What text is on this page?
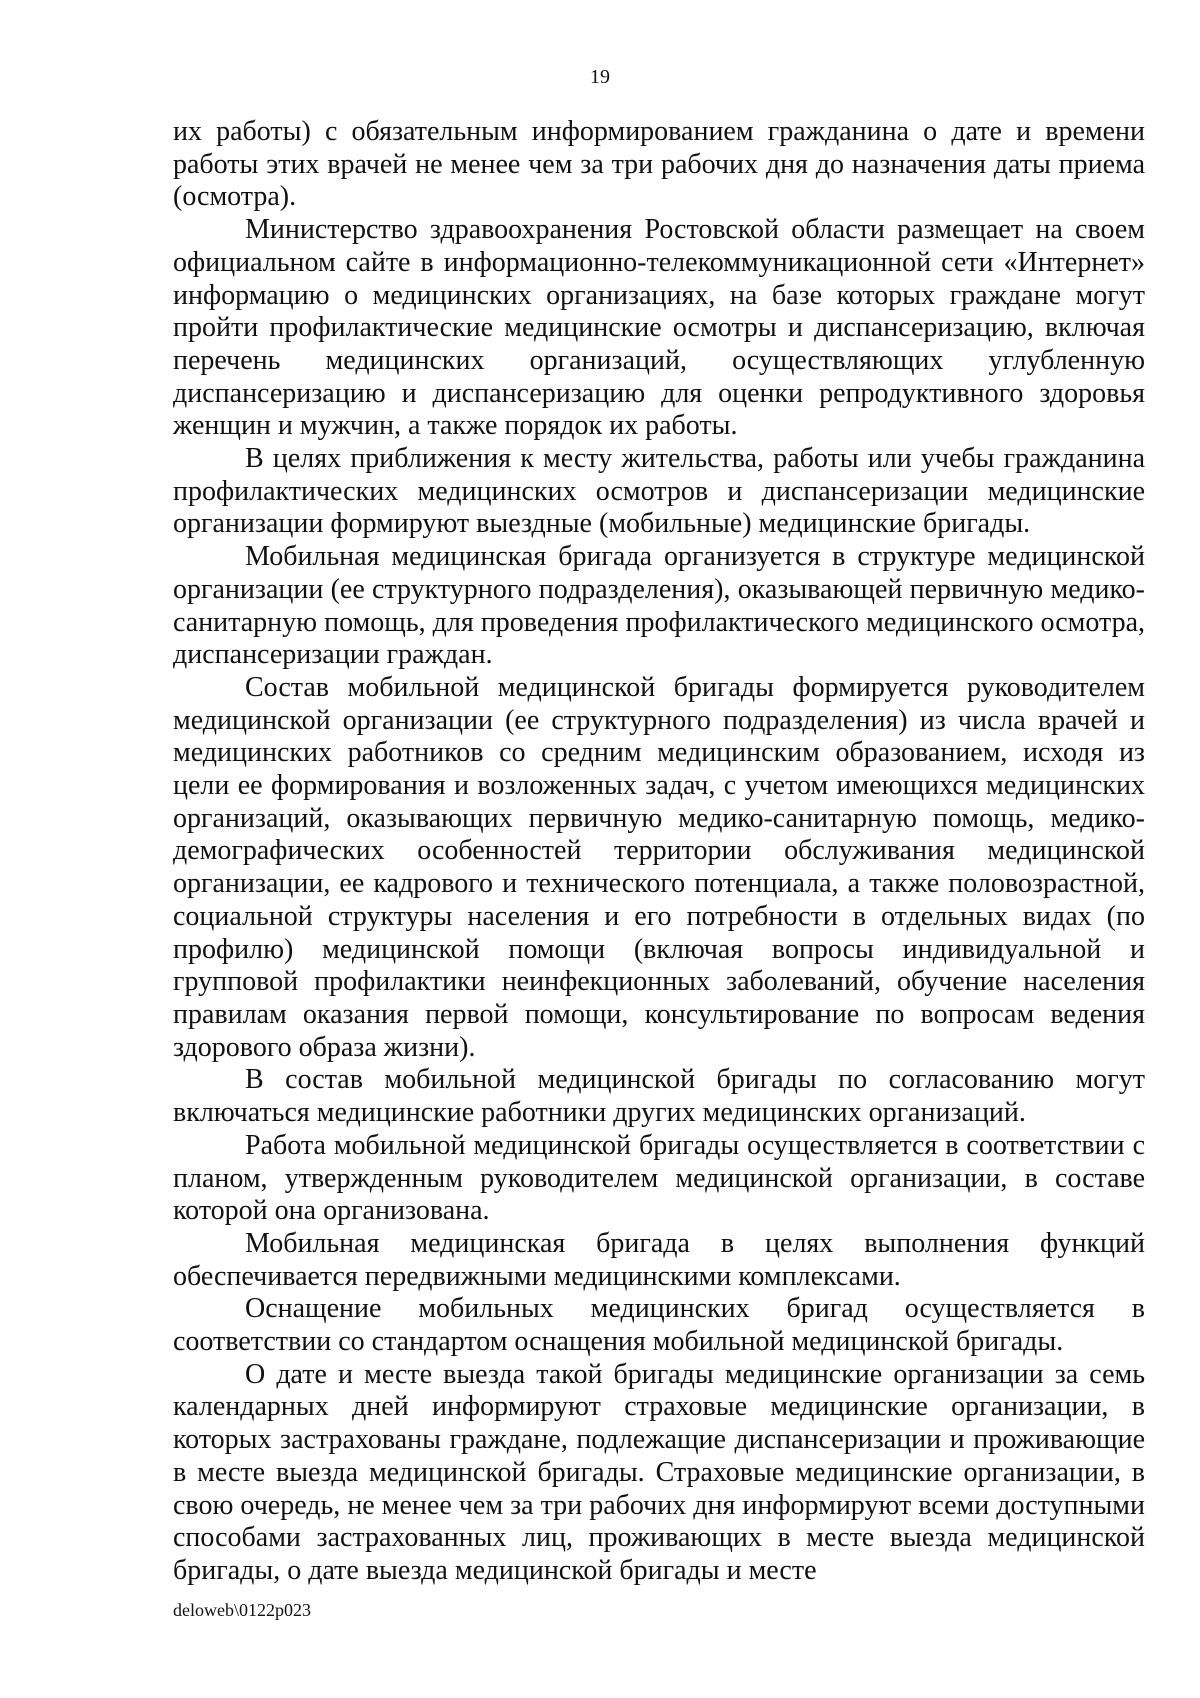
19

их работы) с обязательным информированием гражданина о дате и времени работы этих врачей не менее чем за три рабочих дня до назначения даты приема (осмотра).

Министерство здравоохранения Ростовской области размещает на своем официальном сайте в информационно-телекоммуникационной сети «Интернет» информацию о медицинских организациях, на базе которых граждане могут пройти профилактические медицинские осмотры и диспансеризацию, включая перечень медицинских организаций, осуществляющих углубленную диспансеризацию и диспансеризацию для оценки репродуктивного здоровья женщин и мужчин, а также порядок их работы.

В целях приближения к месту жительства, работы или учебы гражданина профилактических медицинских осмотров и диспансеризации медицинские организации формируют выездные (мобильные) медицинские бригады.

Мобильная медицинская бригада организуется в структуре медицинской организации (ее структурного подразделения), оказывающей первичную медико-санитарную помощь, для проведения профилактического медицинского осмотра, диспансеризации граждан.

Состав мобильной медицинской бригады формируется руководителем медицинской организации (ее структурного подразделения) из числа врачей и медицинских работников со средним медицинским образованием, исходя из цели ее формирования и возложенных задач, с учетом имеющихся медицинских организаций, оказывающих первичную медико-санитарную помощь, медико-демографических особенностей территории обслуживания медицинской организации, ее кадрового и технического потенциала, а также половозрастной, социальной структуры населения и его потребности в отдельных видах (по профилю) медицинской помощи (включая вопросы индивидуальной и групповой профилактики неинфекционных заболеваний, обучение населения правилам оказания первой помощи, консультирование по вопросам ведения здорового образа жизни).

В состав мобильной медицинской бригады по согласованию могут включаться медицинские работники других медицинских организаций.

Работа мобильной медицинской бригады осуществляется в соответствии с планом, утвержденным руководителем медицинской организации, в составе которой она организована.

Мобильная медицинская бригада в целях выполнения функций обеспечивается передвижными медицинскими комплексами.

Оснащение мобильных медицинских бригад осуществляется в соответствии со стандартом оснащения мобильной медицинской бригады.

О дате и месте выезда такой бригады медицинские организации за семь календарных дней информируют страховые медицинские организации, в которых застрахованы граждане, подлежащие диспансеризации и проживающие в месте выезда медицинской бригады. Страховые медицинские организации, в свою очередь, не менее чем за три рабочих дня информируют всеми доступными способами застрахованных лиц, проживающих в месте выезда медицинской бригады, о дате выезда медицинской бригады и месте

deloweb\0122p023
